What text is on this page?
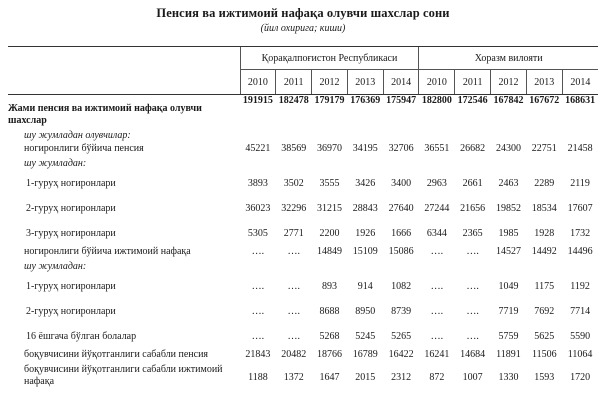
Пенсия ва ижтимоий нафақа олувчи шахслар сони
(йил охирига; киши)
	Қорақалпоғистон Республикаси					Хоразм вилояти				
	2010	2011	2012	2013	2014	2010	2011	2012	2013	2014
Жами пенсия ва ижтимоий нафақа олувчи шахслар	191915	182478	179179	176369	175947	182800	172546	167842	167672	168631
шу жумладан олувчилар:										
ногиронлиги бўйича пенсия	45221	38569	36970	34195	32706	36551	26682	24300	22751	21458
шу жумладан:										
1-гуруҳ ногиронлари	3893	3502	3555	3426	3400	2963	2661	2463	2289	2119
2-гуруҳ ногиронлари	36023	32296	31215	28843	27640	27244	21656	19852	18534	17607
3-гуруҳ ногиронлари	5305	2771	2200	1926	1666	6344	2365	1985	1928	1732
ногиронлиги бўйича ижтимоий нафақа	….	….	14849	15109	15086	….	….	14527	14492	14496
шу жумладан:										
1-гуруҳ ногиронлари	….	….	893	914	1082	….	….	1049	1175	1192
2-гуруҳ ногиронлари	….	….	8688	8950	8739	….	….	7719	7692	7714
16 ёшгача бўлган болалар	….	….	5268	5245	5265	….	….	5759	5625	5590
боқувчисини йўқотганлиги сабабли пенсия	21843	20482	18766	16789	16422	16241	14684	11891	11506	11064
боқувчисини йўқотганлиги сабабли ижтимоий нафақа	1188	1372	1647	2015	2312	872	1007	1330	1593	1720
